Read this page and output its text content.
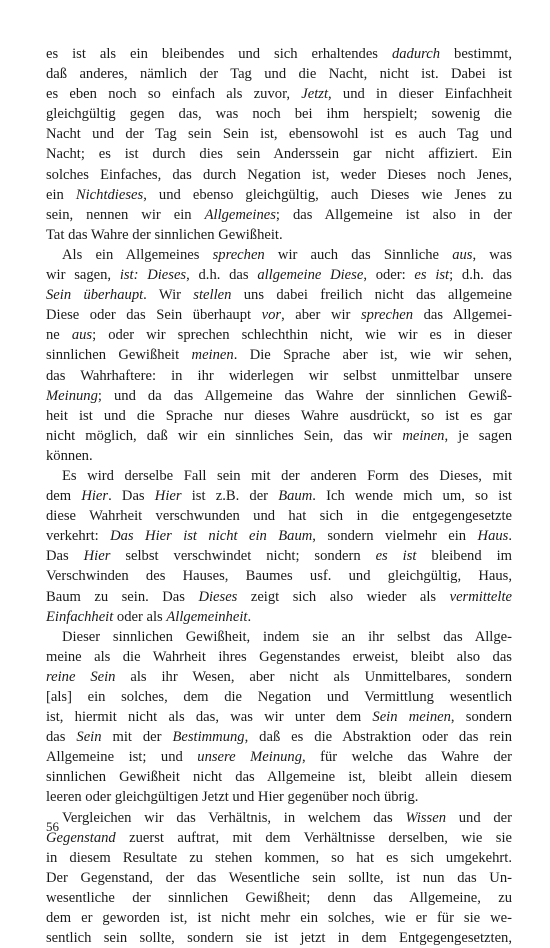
es ist als ein bleibendes und sich erhaltendes dadurch bestimmt,
daß anderes, nämlich der Tag und die Nacht, nicht ist. Dabei ist
es eben noch so einfach als zuvor, Jetzt, und in dieser Einfachheit
gleichgültig gegen das, was noch bei ihm herspielt; sowenig die
Nacht und der Tag sein Sein ist, ebensowohl ist es auch Tag und
Nacht; es ist durch dies sein Anderssein gar nicht affiziert. Ein
solches Einfaches, das durch Negation ist, weder Dieses noch Jenes,
ein Nichtdieses, und ebenso gleichgültig, auch Dieses wie Jenes zu
sein, nennen wir ein Allgemeines; das Allgemeine ist also in der
Tat das Wahre der sinnlichen Gewißheit.
Als ein Allgemeines sprechen wir auch das Sinnliche aus, was
wir sagen, ist: Dieses, d.h. das allgemeine Diese, oder: es ist; d.h. das
Sein überhaupt. Wir stellen uns dabei freilich nicht das allgemeine
Diese oder das Sein überhaupt vor, aber wir sprechen das Allgemei-
ne aus; oder wir sprechen schlechthin nicht, wie wir es in dieser
sinnlichen Gewißheit meinen. Die Sprache aber ist, wie wir sehen,
das Wahrhaftere: in ihr widerlegen wir selbst unmittelbar unsere
Meinung; und da das Allgemeine das Wahre der sinnlichen Gewiß-
heit ist und die Sprache nur dieses Wahre ausdrückt, so ist es gar
nicht möglich, daß wir ein sinnliches Sein, das wir meinen, je sagen
können.
Es wird derselbe Fall sein mit der anderen Form des Dieses, mit
dem Hier. Das Hier ist z.B. der Baum. Ich wende mich um, so ist
diese Wahrheit verschwunden und hat sich in die entgegengesetzte
verkehrt: Das Hier ist nicht ein Baum, sondern vielmehr ein Haus.
Das Hier selbst verschwindet nicht; sondern es ist bleibend im
Verschwinden des Hauses, Baumes usf. und gleichgültig, Haus,
Baum zu sein. Das Dieses zeigt sich also wieder als vermittelte
Einfachheit oder als Allgemeinheit.
Dieser sinnlichen Gewißheit, indem sie an ihr selbst das Allge-
meine als die Wahrheit ihres Gegenstandes erweist, bleibt also das
reine Sein als ihr Wesen, aber nicht als Unmittelbares, sondern
[als] ein solches, dem die Negation und Vermittlung wesentlich
ist, hiermit nicht als das, was wir unter dem Sein meinen, sondern
das Sein mit der Bestimmung, daß es die Abstraktion oder das rein
Allgemeine ist; und unsere Meinung, für welche das Wahre der
sinnlichen Gewißheit nicht das Allgemeine ist, bleibt allein diesem
leeren oder gleichgültigen Jetzt und Hier gegenüber noch übrig.
Vergleichen wir das Verhältnis, in welchem das Wissen und der
Gegenstand zuerst auftrat, mit dem Verhältnisse derselben, wie sie
in diesem Resultate zu stehen kommen, so hat es sich umgekehrt.
Der Gegenstand, der das Wesentliche sein sollte, ist nun das Un-
wesentliche der sinnlichen Gewißheit; denn das Allgemeine, zu
dem er geworden ist, ist nicht mehr ein solches, wie er für sie we-
sentlich sein sollte, sondern sie ist jetzt in dem Entgegengesetzten,
56
